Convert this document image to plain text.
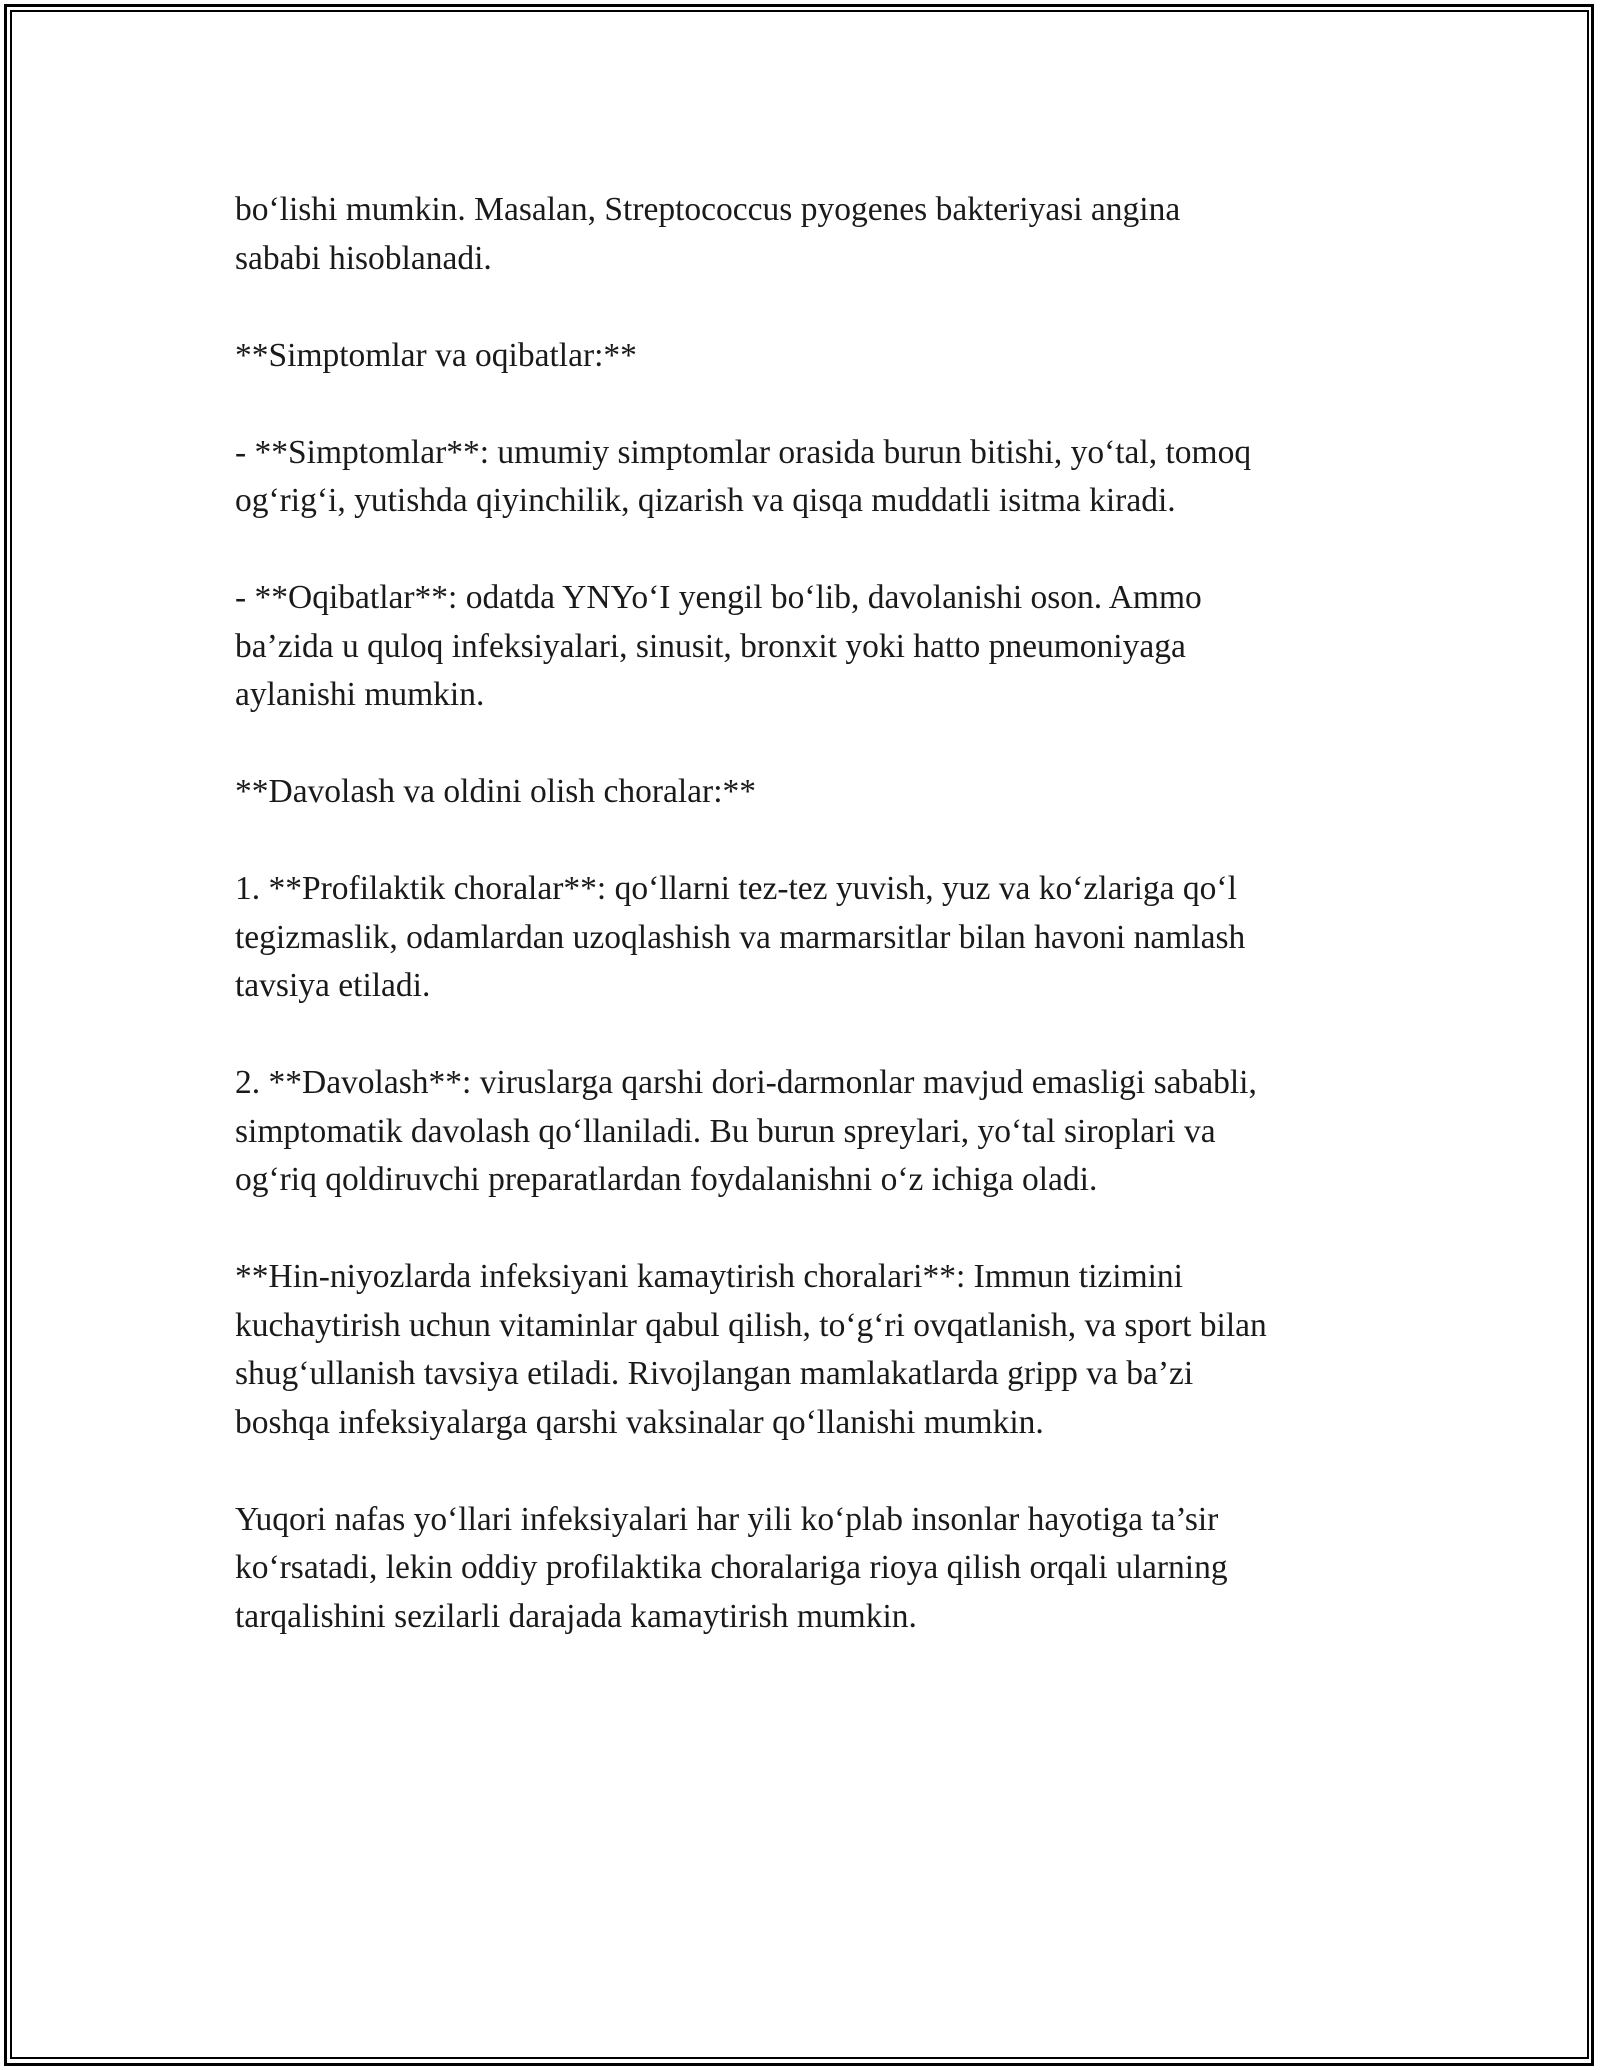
bo‘lishi mumkin. Masalan, Streptococcus pyogenes bakteriyasi angina
sababi hisoblanadi.

**Simptomlar va oqibatlar:**

- **Simptomlar**: umumiy simptomlar orasida burun bitishi, yo‘tal, tomoq
og‘rig‘i, yutishda qiyinchilik, qizarish va qisqa muddatli isitma kiradi.

- **Oqibatlar**: odatda YNYo‘I yengil bo‘lib, davolanishi oson. Ammo
ba’zida u quloq infeksiyalari, sinusit, bronxit yoki hatto pneumoniyaga
aylanishi mumkin.

**Davolash va oldini olish choralar:**

1. **Profilaktik choralar**: qo‘llarni tez-tez yuvish, yuz va ko‘zlariga qo‘l
tegizmaslik, odamlardan uzoqlashish va marmarsitlar bilan havoni namlash
tavsiya etiladi.

2. **Davolash**: viruslarga qarshi dori-darmonlar mavjud emasligi sababli,
simptomatik davolash qo‘llaniladi. Bu burun spreylari, yo‘tal siroplari va
og‘riq qoldiruvchi preparatlardan foydalanishni o‘z ichiga oladi.

**Hin-niyozlarda infeksiyani kamaytirish choralari**: Immun tizimini
kuchaytirish uchun vitaminlar qabul qilish, to‘g‘ri ovqatlanish, va sport bilan
shug‘ullanish tavsiya etiladi. Rivojlangan mamlakatlarda gripp va ba’zi
boshqa infeksiyalarga qarshi vaksinalar qo‘llanishi mumkin.

Yuqori nafas yo‘llari infeksiyalari har yili ko‘plab insonlar hayotiga ta’sir
ko‘rsatadi, lekin oddiy profilaktika choralariga rioya qilish orqali ularning
tarqalishini sezilarli darajada kamaytirish mumkin.
